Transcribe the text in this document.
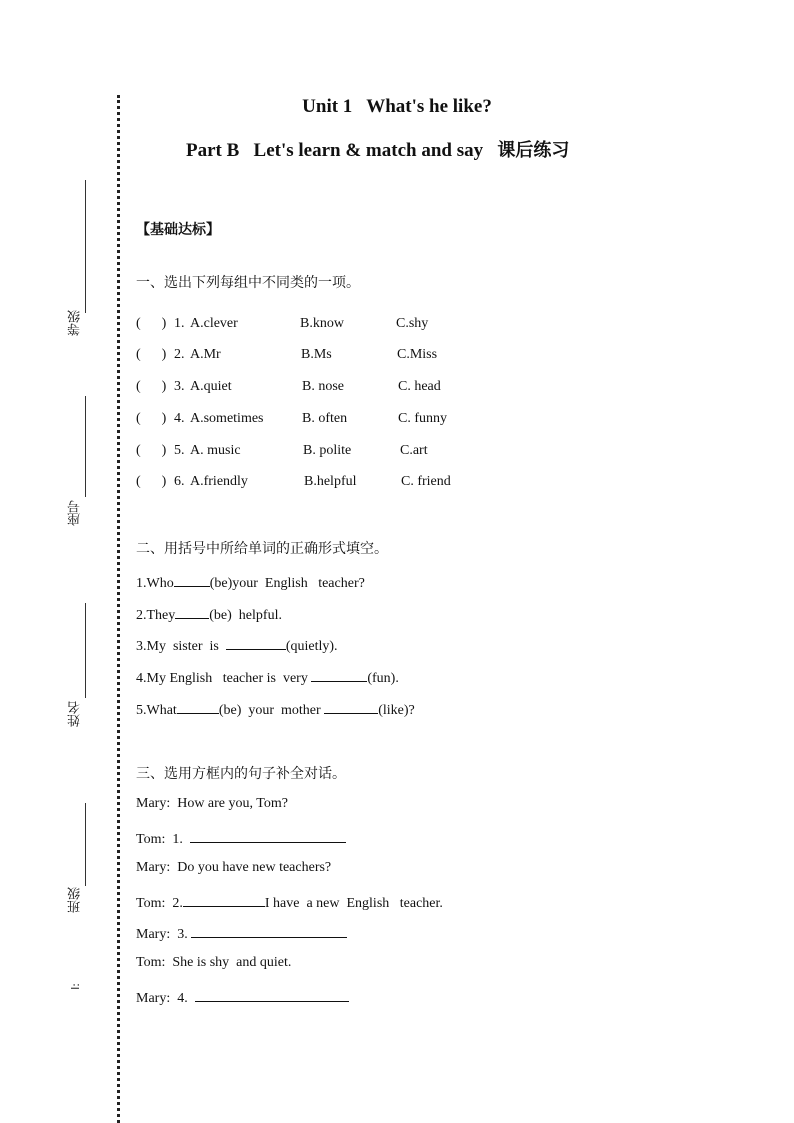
等级
座号
姓名
班级
l:
Unit 1   What's he like?
Part B   Let's learn & match and say   课后练习
【基础达标】
一、选出下列每组中不同类的一项。
(      ) 1. A.clever	B.know	C.shy
(      ) 2. A.Mr	B.Ms	C.Miss
(      ) 3. A.quiet	B. nose	C. head
(      ) 4. A.sometimes	B. often	C. funny
(      ) 5. A. music	B. polite	C.art
(      ) 6. A.friendly	B.helpful	C. friend
二、用括号中所给单词的正确形式填空。
1.Who	(be)your  English   teacher?
2.They (be)  helpful.
3.My  sister  is	(quietly).
4.My English   teacher is  very	(fun).
5.What	(be)  your  mother	(like)?
三、选用方框内的句子补全对话。
Mary:  How are you, Tom?
Tom:  1.
Mary:  Do you have new teachers?
Tom:  2.	I have  a new  English   teacher.
Mary:  3.
Tom:  She is shy  and quiet.
Mary:  4.
